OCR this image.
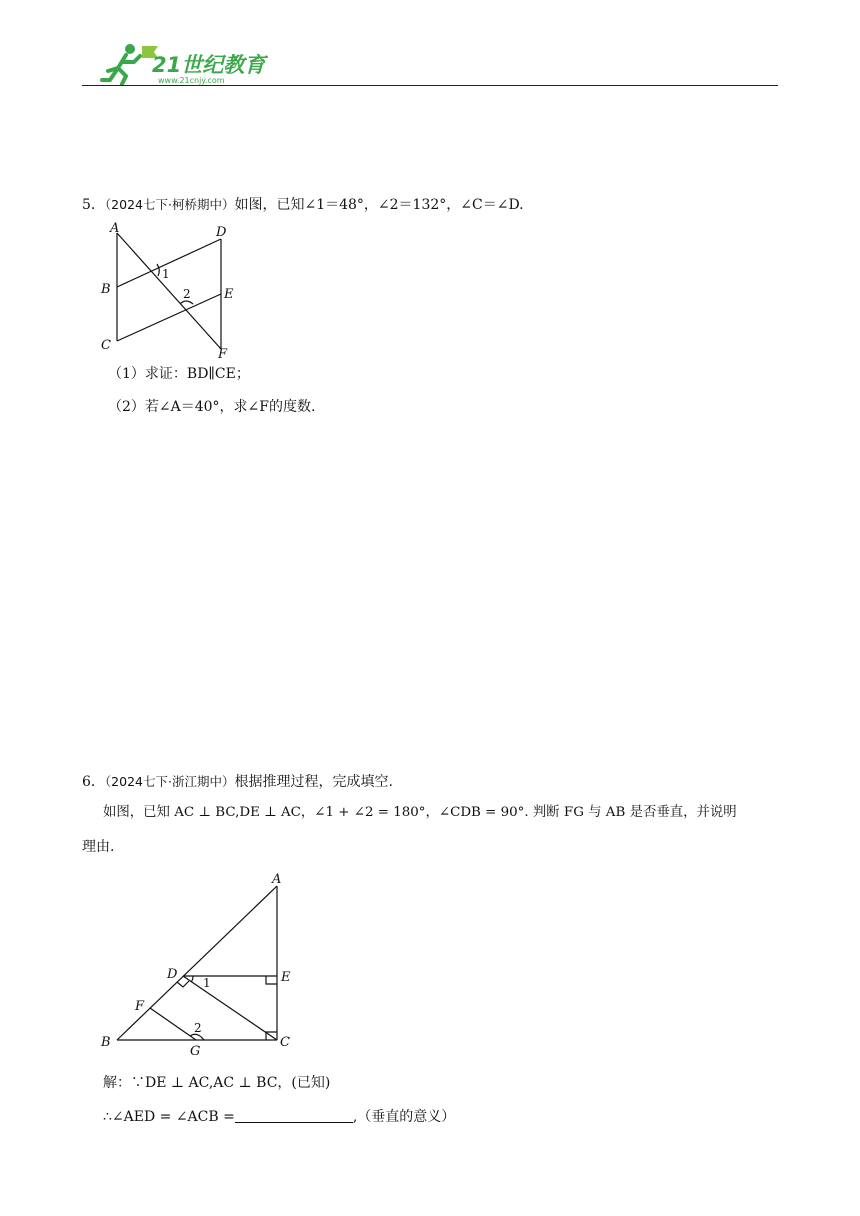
21世纪教育
www.21cnjy.com
5．（2024七下·柯桥期中）如图，已知∠1＝48°，∠2＝132°，∠C＝∠D.
A	D
B	E
C
F
1
2
（1）求证：BD∥CE；
（2）若∠A＝40°，求∠F的度数.
6．（2024七下·浙江期中）根据推理过程，完成填空.
如图，已知 AC ⊥ BC,DE ⊥ AC，∠1 + ∠2 = 180°，∠CDB = 90°. 判断 FG 与 AB 是否垂直，并说明
理由.
A
D	E
F
B
G
C
1
2
解：∵DE ⊥ AC,AC ⊥ BC，(已知)
∴∠AED = ∠ACB =	,（垂直的意义）
